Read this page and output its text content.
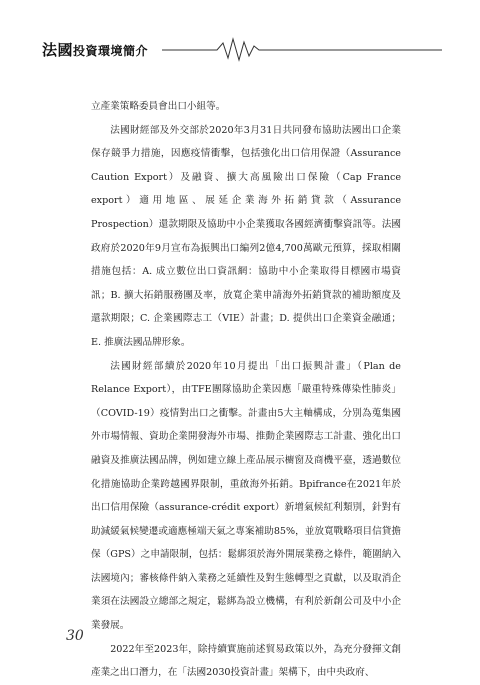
法國投資環境簡介

立產業策略委員會出口小組等。

法國財經部及外交部於2020年3月31日共同發布協助法國出口企業保存競爭力措施，因應疫情衝擊，包括強化出口信用保證（Assurance Caution Export）及融資、擴大高風險出口保險（Cap France export）適用地區、展延企業海外拓銷貸款（Assurance Prospection）還款期限及協助中小企業獲取各國經濟衝擊資訊等。法國政府於2020年9月宣布為振興出口編列2億4,700萬歐元預算，採取相關措施包括：A. 成立數位出口資訊網：協助中小企業取得目標國市場資訊；B. 擴大拓銷服務團及率，放寬企業申請海外拓銷貸款的補助額度及還款期限；C. 企業國際志工（VIE）計畫；D. 提供出口企業資金融通；E. 推廣法國品牌形象。

法國財經部續於2020年10月提出「出口振興計畫」（Plan de Relance Export），由TFE團隊協助企業因應「嚴重特殊傳染性肺炎」（COVID-19）疫情對出口之衝擊。計畫由5大主軸構成，分別為蒐集國外市場情報、資助企業開發海外市場、推動企業國際志工計畫、強化出口融資及推廣法國品牌，例如建立線上產品展示櫥窗及商機平臺，透過數位化措施協助企業跨越國界限制，重啟海外拓銷。Bpifrance在2021年於出口信用保險（assurance-crédit export）新增氣候紅利類別，針對有助減緩氣候變遷或適應極端天氣之專案補助85%，並放寬戰略項目信貸擔保（GPS）之申請限制，包括：鬆綁須於海外開展業務之條件，範圍納入法國境內；審核條件納入業務之延續性及對生態轉型之貢獻，以及取消企業須在法國設立總部之規定，鬆綁為設立機構，有利於新創公司及中小企業發展。

2022年至2023年，除持續實施前述貿易政策以外，為充分發揮文創產業之出口潛力，在「法國2030投資計畫」架構下，由中央政府、

30
